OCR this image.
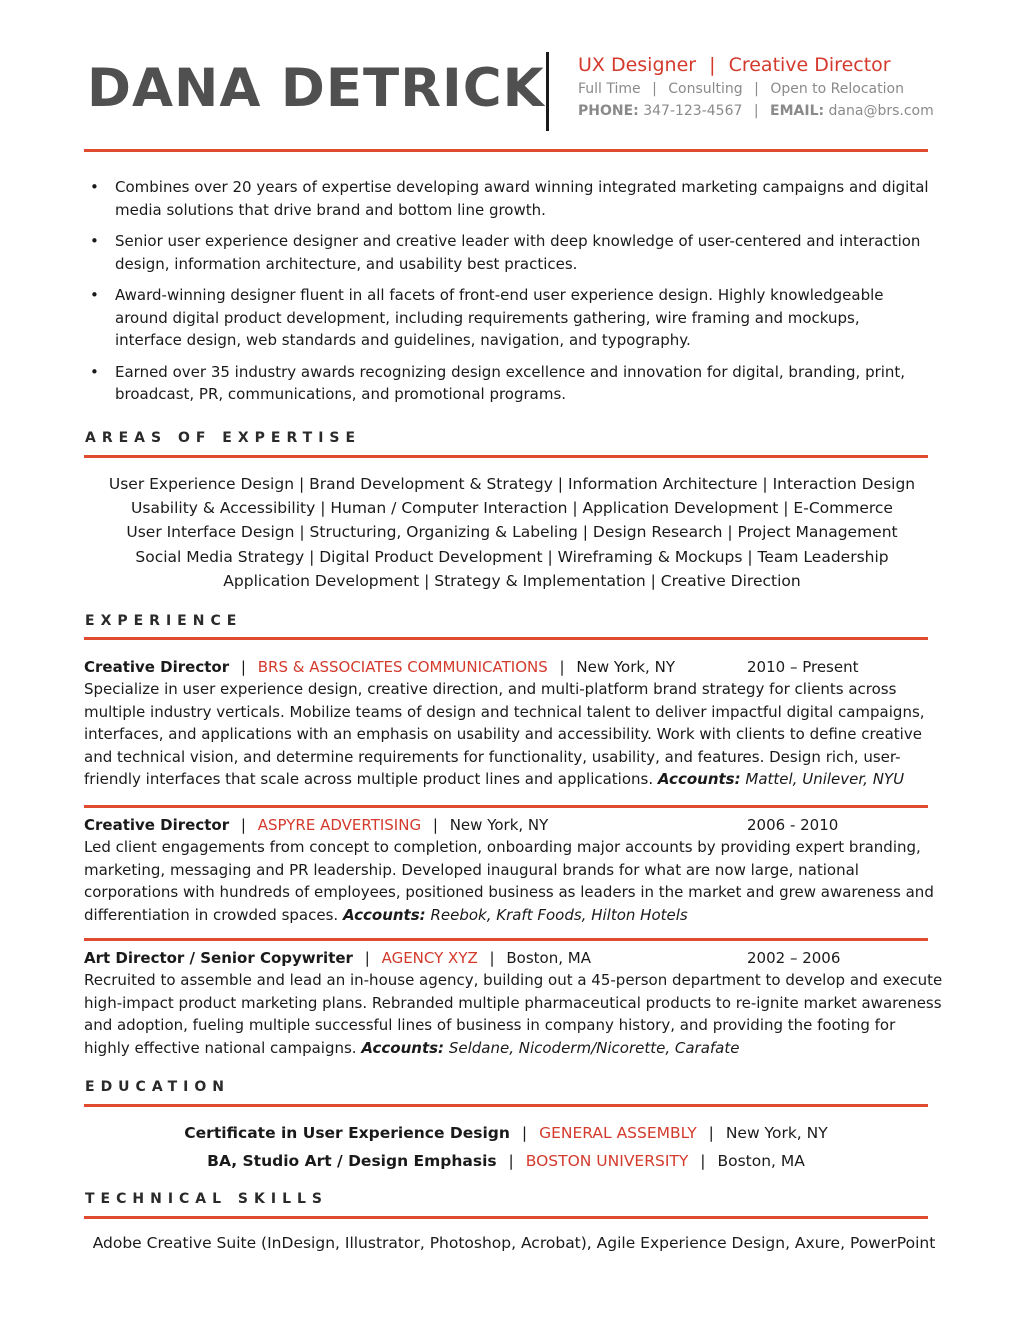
DANA DETRICK UX Designer | Creative Director
Full Time | Consulting | Open to Relocation
PHONE: 347-123-4567 | EMAIL: dana@brs.com
• Combines over 20 years of expertise developing award winning integrated marketing campaigns and digital media solutions that drive brand and bottom line growth.
• Senior user experience designer and creative leader with deep knowledge of user-centered and interaction design, information architecture, and usability best practices.
• Award-winning designer fluent in all facets of front-end user experience design. Highly knowledgeable around digital product development, including requirements gathering, wire framing and mockups, interface design, web standards and guidelines, navigation, and typography.
• Earned over 35 industry awards recognizing design excellence and innovation for digital, branding, print, broadcast, PR, communications, and promotional programs.
AREAS OF EXPERTISE
User Experience Design | Brand Development & Strategy | Information Architecture | Interaction Design
Usability & Accessibility | Human / Computer Interaction | Application Development | E-Commerce
User Interface Design | Structuring, Organizing & Labeling | Design Research | Project Management
Social Media Strategy | Digital Product Development | Wireframing & Mockups | Team Leadership
Application Development | Strategy & Implementation | Creative Direction
EXPERIENCE
Creative Director | BRS & ASSOCIATES COMMUNICATIONS | New York, NY	2010 – Present

Specialize in user experience design, creative direction, and multi-platform brand strategy for clients across multiple industry verticals. Mobilize teams of design and technical talent to deliver impactful digital campaigns, interfaces, and applications with an emphasis on usability and accessibility. Work with clients to define creative and technical vision, and determine requirements for functionality, usability, and features. Design rich, user-friendly interfaces that scale across multiple product lines and applications. Accounts: Mattel, Unilever, NYU

Creative Director | ASPYRE ADVERTISING | New York, NY	2006 - 2010

Led client engagements from concept to completion, onboarding major accounts by providing expert branding, marketing, messaging and PR leadership. Developed inaugural brands for what are now large, national corporations with hundreds of employees, positioned business as leaders in the market and grew awareness and differentiation in crowded spaces. Accounts: Reebok, Kraft Foods, Hilton Hotels

Art Director / Senior Copywriter | AGENCY XYZ | Boston, MA	2002 – 2006

Recruited to assemble and lead an in-house agency, building out a 45-person department to develop and execute high-impact product marketing plans. Rebranded multiple pharmaceutical products to re-ignite market awareness and adoption, fueling multiple successful lines of business in company history, and providing the footing for highly effective national campaigns. Accounts: Seldane, Nicoderm/Nicorette, Carafate

EDUCATION
Certificate in User Experience Design | GENERAL ASSEMBLY | New York, NY
BA, Studio Art / Design Emphasis | BOSTON UNIVERSITY | Boston, MA
TECHNICAL SKILLS
Adobe Creative Suite (InDesign, Illustrator, Photoshop, Acrobat), Agile Experience Design, Axure, PowerPoint
